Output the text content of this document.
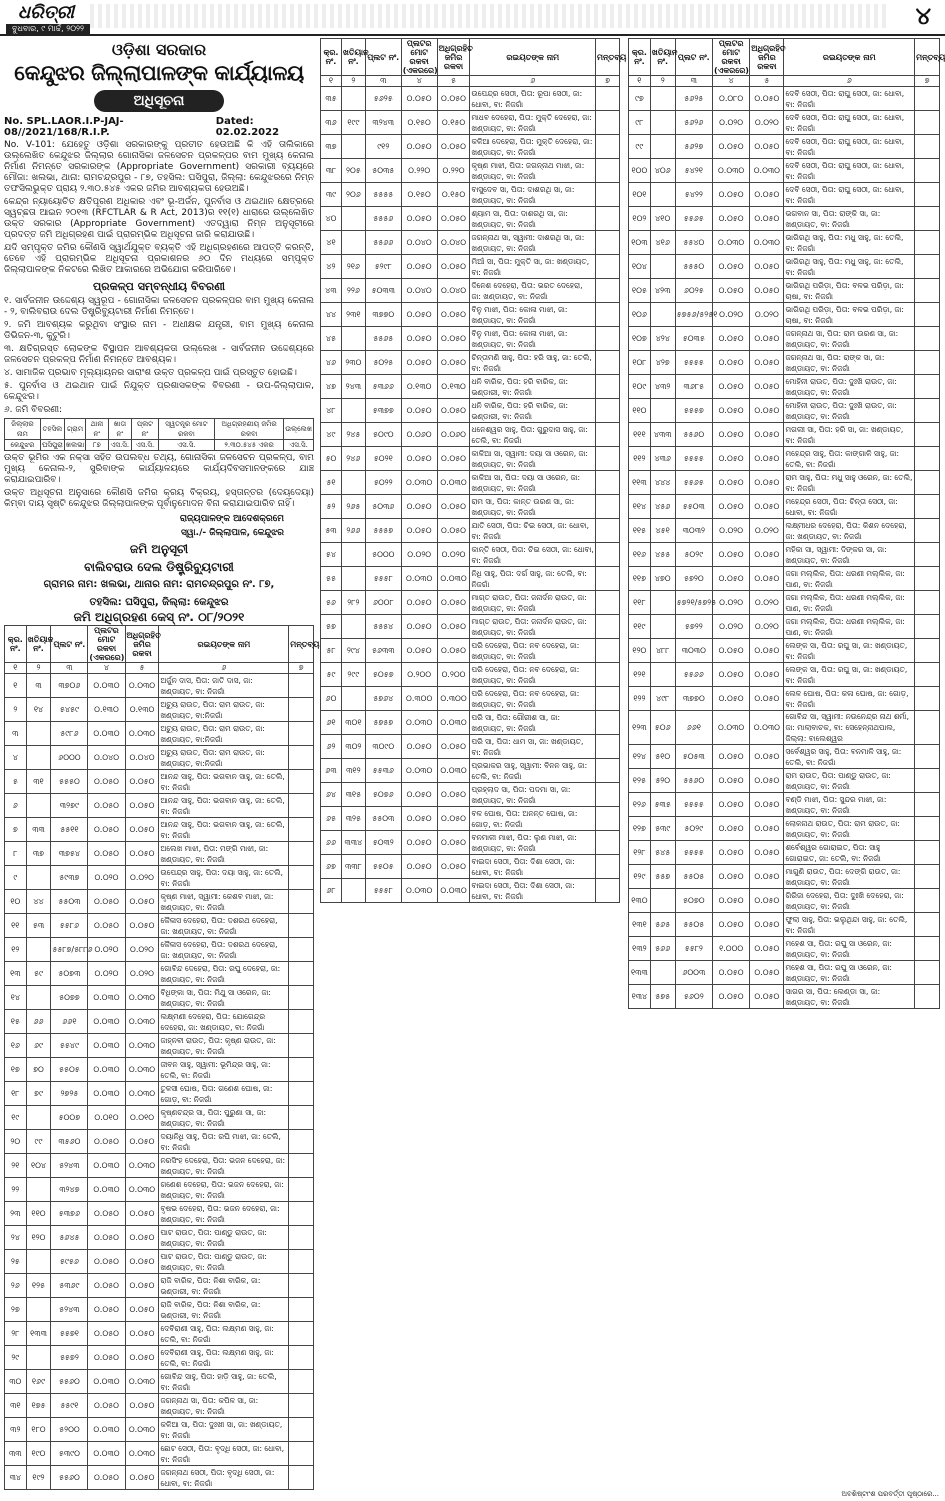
ଧରିତ୍ରୀ
ବୁଧବାର, ୯ ମାର୍ଚ୍ଚ, ୨୦୨୨	୪
ଓଡ଼ିଶା ସରକାର
କେନ୍ଦୁଝର ଜିଲ୍ଲାପାଳଙ୍କ କାର୍ଯ୍ୟାଳୟ
ଅଧିସୂଚନା
No. SPL.LAOR.I.P-JAJ-08//2021/168/R.I.P.
Dated: 02.02.2022

No. V-101: ଯେହେତୁ ଓଡ଼ିଶା ସରକାରଙ୍କୁ ପ୍ରତୀତ ହେଉଅଛି କି ଏହି ତାଲିକାରେ ଉଲ୍ଲେଖିତ କେନ୍ଦୁଝର ଜିଲ୍ଲାର ଗୋନାସିକା ଜଳସେଚନ ପ୍ରକଳ୍ପର ବାମ ମୁଖ୍ୟ କେନାଲ ନିର୍ମାଣ ନିମନ୍ତେ ସରକାରଙ୍କ (Appropriate Government) ସରକାରୀ ବ୍ୟୟରେ ମୌଜା: ଖଲଭା, ଥାନା: ରାମଚନ୍ଦ୍ରପୁର - ୮୭, ତହସିଲ: ଘସିପୁରା, ଜିଲ୍ଲା: କେନ୍ଦୁଝରରେ ନିମ୍ନ ତଫସିଲଭୁକ୍ତ ପ୍ରାୟ ୨.୩୦.୫୪୫ ଏକର ଜମିର ଆବଶ୍ୟକତା ହେଉଅଛି।

କେନ୍ଦ୍ର ନ୍ୟାୟୋଚିତ କ୍ଷତିପୂରଣ ଅଧିକାର ଏବଂ ଭୂ-ଅର୍ଜନ, ପୁନର୍ବାସ ଓ ଥଇଥାନ କ୍ଷେତ୍ରରେ ସ୍ୱଚ୍ଛତା ଆଇନ ୨୦୧୩ (RFCTLAR & R Act, 2013)ର ୧୧(୧) ଧାରାରେ ଉଲ୍ଲେଖିତ ଉକ୍ତ ସରକାର (Appropriate Government) ଏତଦ୍ୱାରା ନିମ୍ନ ଅନୁସୂଚୀରେ ପ୍ରଦତ୍ତ ଜମି ଅଧିଗ୍ରହଣ ପାଇଁ ପ୍ରାରମ୍ଭିକ ଅଧିସୂଚନା ଜାରି କରାଯାଉଛି।

ଯଦି ସମ୍ପୃକ୍ତ ଜମିର କୌଣସି ସ୍ୱାର୍ଥଯୁକ୍ତ ବ୍ୟକ୍ତି ଏହି ଅଧିଗ୍ରହଣରେ ଆପତ୍ତି କରନ୍ତି, ତେବେ ଏହି ପ୍ରାରମ୍ଭିକ ଅଧିସୂଚନା ପ୍ରକାଶନର ୬୦ ଦିନ ମଧ୍ୟରେ ସମ୍ପୃକ୍ତ ଜିଲ୍ଲାପାଳଙ୍କ ନିକଟରେ ଲିଖିତ ଆକାରରେ ଅଭିଯୋଗ କରିପାରିବେ।

ପ୍ରକଳ୍ପ ସମ୍ବନ୍ଧୀୟ ବିବରଣୀ

୧. ସାର୍ବଜନୀନ ଉଦ୍ଦେଶ୍ୟ ସ୍ୱରୂପ - ଗୋନାସିକା ଜଳସେଚନ ପ୍ରକଳ୍ପର ବାମ ମୁଖ୍ୟ କେନାଲ - ୨, ବାଲିବରାଉ ଦେଲ ଡିଷ୍ଟ୍ରିବ୍ୟୁଟାରୀ ନିର୍ମାଣ ନିମନ୍ତେ।

୨. ଜମି ଆବଶ୍ୟକ କରୁଥିବା ସଂସ୍ଥାର ନାମ - ଅଧୀକ୍ଷକ ଯନ୍ତ୍ରୀ, ବାମ ମୁଖ୍ୟ କେନାଲ ଡିଭିଜନ-୩, କୁଟୁରି।

୩. କ୍ଷତିଗ୍ରସ୍ତ ଲୋକଙ୍କ ବିସ୍ଥାପନ ଆବଶ୍ୟକତା ଉଲ୍ଲେଖ - ସାର୍ବଜନୀନ ଉଦ୍ଦେଶ୍ୟରେ ଜଳସେଚନ ପ୍ରକଳ୍ପ ନିର୍ମାଣ ନିମନ୍ତେ ଆବଶ୍ୟକ।

୪. ସାମାଜିକ ପ୍ରଭାବ ମୂଲ୍ୟାୟନର ସାରାଂଶ ଉକ୍ତ ପ୍ରକଳ୍ପ ପାଇଁ ପ୍ରସ୍ତୁତ ହୋଇଛି।

୫. ପୁନର୍ବାସ ଓ ଥଇଥାନ ପାଇଁ ନିଯୁକ୍ତ ପ୍ରଶାସକଙ୍କ ବିବରଣୀ - ଉପ-ଜିଲ୍ଲାପାଳ, କେନ୍ଦୁଝର।

୬. ଜମି ବିବରଣୀ:

ଜିଲ୍ଲାର ନାମ	ତହସିଲ	ଗ୍ରାମ	ଥାନା ନଂ	ଖାତା ନଂ	ପ୍ଲଟ ନଂ	ସ୍ୱତନ୍ତ୍ର ମୋଟ ରକବା	ଅଧିଗ୍ରହଣୀୟ ଜମିର ରକବା	ଉଲ୍ଲେଖ
କେନ୍ଦୁଝର	ଘସିପୁରା	ଖଲଭା	୮୭	ଏସ.ସି.	ଏସ.ସି.	ଏସ.ସି.	୨.୩୦.୫୪୫ ଏକର	ଏସ.ସି.

ଉକ୍ତ ଭୂମିର ଏକ ନକ୍ସା ସହିତ ଉପଲବ୍ଧ ତଥ୍ୟ, ଗୋନାସିକା ଜଳସେଚନ ପ୍ରକଳ୍ପ, ବାମ ମୁଖ୍ୟ କେନାଲ-୨, ସୁରିବାଙ୍କ କାର୍ଯ୍ୟାଳୟରେ କାର୍ଯ୍ୟଦିବସମାନଙ୍କରେ ଯାଞ୍ଚ କରାଯାଇପାରିବ।

ଉକ୍ତ ଅଧିସୂଚନା ଅନୁସାରେ କୌଣସି ଜମିର କ୍ରୟ ବିକ୍ରୟ, ହସ୍ତାନ୍ତର (ଦେୟଦେୟା) କିମ୍ବା ଦାୟ ସୃଷ୍ଟି କେନ୍ଦୁଝର ଜିଲ୍ଲାପାଳଙ୍କ ପୂର୍ବାନୁମୋଦନ ବିନା କରାଯାଇପାରିବ ନାହିଁ।

ରାଜ୍ୟପାଳଙ୍କ ଆଦେଶକ୍ରମେ
ସ୍ୱା./- ଜିଲ୍ଲାପାଳ, କେନ୍ଦୁଝର
ଜମି ଅନୁସୂଚୀ
ବାଲିବରାଉ ଦେଲ ଡିଷ୍ଟ୍ରିବ୍ୟୁଟାରୀ
ଗ୍ରାମର ନାମ: ଖଲଭା, ଥାନାର ନାମ: ରାମଚନ୍ଦ୍ରପୁର ନଂ. ୮୭,
ତହସିଲ: ଘସିପୁରା, ଜିଲ୍ଲା: କେନ୍ଦୁଝର
ଜମି ଅଧିଗ୍ରହଣ କେସ୍ ନଂ. ୦୮/୨୦୨୧
କ୍ର. ନଂ.	ଖତିୟାନ ନଂ.	ପ୍ଲଟ ନଂ.	ପ୍ଲଟର ମୋଟ ରକବା (ଏକରରେ)	ଅଧିଗ୍ରହିତ ଜମିର ରକବା	ରଇୟତଙ୍କ ନାମ	ମନ୍ତବ୍ୟ
୧	୨	୩	୪	୫	୬	୭
୧	୩	୩୭୦୬	୦.୦୩୦	୦.୦୩୦	ଅର୍ଜୁନ ଦାସ, ପିତା: ଜାତି ଦାସ, ଜା: ଖଣ୍ଡାୟତ, ବା: ନିଜଗାଁ	
୨	୧୪	୫୪୫୯	୦.୧୩୦	୦.୧୩୦	ଅଚ୍ୟୁ ରାଉତ, ପିତା: ରାମ ରାଉତ, ଜା: ଖଣ୍ଡାୟତ, ବା:ନିଜଗାଁ	
୩		୫୯୮୬	୦.୦୩୦	୦.୦୩୦	ଅଚ୍ୟୁ ରାଉତ, ପିତା: ରାମ ରାଉତ, ଜା: ଖଣ୍ଡାୟତ, ବା:ନିଜଗାଁ	
୪		୬୦୦୦	୦.୦୪୦	୦.୦୪୦	ଅଚ୍ୟୁ ରାଉତ, ପିତା: ରାମ ରାଉତ, ଜା: ଖଣ୍ଡାୟତ, ବା:ନିଜଗାଁ	
୫	୩୧	୫୫୫୦	୦.୦୫୦	୦.୦୫୦	ଆନନ୍ଦ ସାହୁ, ପିତା: ଭଗବାନ ସାହୁ, ଜା: ତେଲି, ବା: ନିଜଗାଁ	
୬		୩୨୭୯	୦.୦୫୦	୦.୦୫୦	ଆନନ୍ଦ ସାହୁ, ପିତା: ଭଗବାନ ସାହୁ, ଜା: ତେଲି, ବା: ନିଜଗାଁ	
୭	୩୩	୫୫୧୧	୦.୦୫୦	୦.୦୫୦	ଆନନ୍ଦ ସାହୁ, ପିତା: ଭଗବାନ ସାହୁ, ଜା: ତେଲି, ବା: ନିଜଗାଁ	
୮	୩୭	୩୭୫୪	୦.୦୫୦	୦.୦୫୦	ଅଲେଖ ମାଝୀ, ପିତା: ମଙ୍ଗି ମାଝୀ, ଜା: ଖଣ୍ଡାୟତ, ବା: ନିଜଗାଁ	
୯		୫୯୩୭	୦.୦୨୦	୦.୦୨୦	ଉପେନ୍ଦ୍ର ସାହୁ, ପିତା: ଦୟା ସାହୁ, ଜା: ତେଲି, ବା: ନିଜଗାଁ	
୧୦	୪୪	୫୫୦୩	୦.୦୫୦	୦.୦୫୦	କୃଷ୍ଣ ମାଝୀ, ସ୍ୱାମୀ: କେଶବ ମାଝୀ, ଜା: ଖଣ୍ଡାୟତ, ବା: ନିଜଗାଁ	
୧୧	୫୩	୫୫୮୬	୦.୦୫୦	୦.୦୫୦	କୈଳାସ ଦେହେରା, ପିତା: ଦଶରଥ ଦେହେରା, ଜା: ଖଣ୍ଡାୟତ, ବା: ନିଜଗାଁ	
୧୨		୫୫୮୭/୫୮୮୬	୦.୦୨୦	୦.୦୨୦	କୈଳାସ ଦେହେରା, ପିତା: ଦଶରଥ ଦେହେରା, ଜା: ଖଣ୍ଡାୟତ, ବା: ନିଜଗାଁ	
୧୩	୫୯	୫୦୭୩	୦.୦୨୦	୦.୦୨୦	ଗୋବିନ୍ଦ ଦେହେରା, ପିତା: ରଘୁ ଦେହେରା, ଜା: ଖଣ୍ଡାୟତ, ବା: ନିଜଗାଁ	
୧୪		୫୦୭୭	୦.୦୩୦	୦.୦୩୦	ବିଧିଙ୍କା ସା, ପିତା: ମିଥୁ ସା ଓରେନ, ଜା: ଖଣ୍ଡାୟତ, ବା: ନିଜଗାଁ	
୧୫	୬୬	୬୬୧	୦.୦୩୦	୦.୦୩୦	ଲକ୍ଷ୍ମଣୀ ଦେହେରା, ପିତା: ଯୋଗେନ୍ଦ୍ର ଦେହେରା, ଜା: ଖଣ୍ଡାୟତ, ବା: ନିଜଗାଁ	
୧୬	୬୯	୫୫୪୯	୦.୦୩୦	୦.୦୩୦	ଜାହ୍ନବୀ ରାଉତ, ପିତା: କୃଷ୍ଣ ରାଉତ, ଜା: ଖଣ୍ଡାୟତ, ବା: ନିଜଗାଁ	
୧୭	୭୦	୫୫୦୫	୦.୦୩୦	୦.୦୩୦	ଜୀବନ ସାହୁ, ସ୍ୱାମୀ: ଭୂମିନ୍ଦ୍ର ସାହୁ, ଜା: ତେଲି, ବା: ନିଜଗାଁ	
୧୮	୭୯	୨୭୨୫	୦.୦୩୦	୦.୦୩୦	ତୁଳସୀ ଘୋଷ, ପିତା: ଗଣେଶ ଘୋଷ, ଜା: ଗୋଡ଼, ବା: ନିଜଗାଁ	
୧୯		୫୦୦୭	୦.୦୧୦	୦.୦୧୦	କୃଷ୍ଣଚନ୍ଦ୍ର ସା, ପିତା: ପୁରୁଣା ସା, ଜା: ଖଣ୍ଡାୟତ, ବା: ନିଜଗାଁ	
୨୦	୯୯	୩୫୬୦	୦.୦୫୦	୦.୦୫୦	ଦୟାନିଧି ସାହୁ, ପିତା: ରଘି ମାଝୀ, ଜା: ତେଲି, ବା: ନିଜଗାଁ	
୨୧	୧୦୪	୫୨୪୩	୦.୦୩୦	୦.୦୩୦	ନରସିଂହ ଦେହେରା, ପିତା: ଭଜନ ଦେହେରା, ଜା: ଖଣ୍ଡାୟତ, ବା: ନିଜଗାଁ	
୨୨		୩୨୪୭	୦.୦୩୦	୦.୦୩୦	ଗଣେଶ ଦେହେରା, ପିତା: ଭଜନ ଦେହେରା, ଜା: ଖଣ୍ଡାୟତ, ବା: ନିଜଗାଁ	
୨୩	୧୧୦	୫୩୭୬	୦.୦୫୦	୦.୦୫୦	ବୃଷଭ ଦେହେରା, ପିତା: ଭଜନ ଦେହେରା, ଜା: ଖଣ୍ଡାୟତ, ବା: ନିଜଗାଁ	
୨୪	୧୨୦	୫୬୪୫	୦.୦୫୦	୦.୦୫୦	ପାଟ ରାଉତ, ପିତା: ପାଣ୍ଡୁ ରାଉତ, ଜା: ଖଣ୍ଡାୟତ, ବା: ନିଜଗାଁ	
୨୫		୫୯୫୬	୦.୦୫୦	୦.୦୫୦	ପାଟ ରାଉତ, ପିତା: ପାଣ୍ଡୁ ରାଉତ, ଜା: ଖଣ୍ଡାୟତ, ବା: ନିଜଗାଁ	
୨୬	୧୨୫	୫୩୬୯	୦.୦୫୦	୦.୦୫୦	ରାଜି ବାରିକ, ପିତା: ନିଶା ବାରିକ, ଜା: ଭଣ୍ଡାରୀ, ବା: ନିଜଗାଁ	
୨୭		୫୨୪୩	୦.୦୫୦	୦.୦୫୦	ରାଜି ବାରିକ, ପିତା: ନିଶା ବାରିକ, ଜା: ଭଣ୍ଡାରୀ, ବା: ନିଜଗାଁ	
୨୮	୧୩୩	୫୫୭୧	୦.୦୫୦	୦.୦୫୦	ଦେବିରାଣୀ ସାହୁ, ପିତା: ଲକ୍ଷ୍ମଣ ସାହୁ, ଜା: ତେଲି, ବା: ନିଜଗାଁ	
୨୯		୫୫୭୨	୦.୦୫୦	୦.୦୫୦	ଦେବିରାଣୀ ସାହୁ, ପିତା: ଲକ୍ଷ୍ମଣ ସାହୁ, ଜା: ତେଲି, ବା: ନିଜଗାଁ	
୩୦	୧୬୯	୫୫୬୦	୦.୦୩୦	୦.୦୩୦	ଗୋବିନ୍ଦ ସାହୁ, ପିତା: ହାଡ଼ି ସାହୁ, ଜା: ତେଲି, ବା: ନିଜଗାଁ	
୩୧	୧୭୫	୫୫୯୧	୦.୦୫୦	୦.୦୫୦	ଜଗନ୍ନାଥ ସା, ପିତା: କପିଳ ସା, ଜା: ଖଣ୍ଡାୟତ, ବା: ନିଜଗାଁ	
୩୨	୧୮୦	୫୨୦୦	୦.୦୩୦	୦.୦୩୦	କଳିଆ ସା, ପିତା: ଦୁଃଖୀ ସା, ଜା: ଖଣ୍ଡାୟତ, ବା: ନିଜଗାଁ	
୩୩	୧୯୦	୫୩୯୦	୦.୦୩୦	୦.୦୩୦	ଛୋଟ ସେଠୀ, ପିତା: ବୃଦ୍ଧି ସେଠୀ, ଜା: ଧୋବା, ବା: ନିଜଗାଁ	
୩୪	୧୯୨	୫୫୬୦	୦.୦୫୦	୦.୦୫୦	ଜଗନ୍ନାଥ ସେଠୀ, ପିତା: ବୃଦ୍ଧି ସେଠୀ, ଜା: ଧୋବା, ବା: ନିଜଗାଁ	
କ୍ର. ନଂ.	ଖତିୟାନ ନଂ.	ପ୍ଲଟ ନଂ.	ପ୍ଲଟର ମୋଟ ରକବା (ଏକରରେ)	ଅଧିଗ୍ରହିତ ଜମିର ରକବା	ରଇୟତଙ୍କ ନାମ	ମନ୍ତବ୍ୟ
୧	୨	୩	୪	୫	୬	୭
୩୫		୫୬୨୫	୦.୦୫୦	୦.୦୫୦	ଉପେନ୍ଦ୍ର ସେଠୀ, ପିତା: ରୂପା ସେଠୀ, ଜା: ଧୋବା, ବା: ନିଜଗାଁ	
୩୬	୧୯୯	୩୨୪୩	୦.୧୫୦	୦.୧୫୦	ମାଧବ ଦେହେରା, ପିତା: ମୁକ୍ତି ଦେହେରା, ଜା: ଖଣ୍ଡାୟତ, ବା: ନିଜଗାଁ	
୩୭		୯୧୨	୦.୦୫୦	୦.୦୫୦	କଳିଆ ଦେହେରା, ପିତା: ମୁକ୍ତି ଦେହେରା, ଜା: ଖଣ୍ଡାୟତ, ବା: ନିଜଗାଁ	
୩୮	୨୦୫	୫୦୩୫	୦.୨୨୦	୦.୨୨୦	କୃଷ୍ଣ ମାଝୀ, ପିତା: ଜଗନ୍ନାଥ ମାଝୀ, ଜା: ଖଣ୍ଡାୟତ, ବା: ନିଜଗାଁ	
୩୯	୨୦୬	୫୫୫୫	୦.୧୫୦	୦.୧୫୦	ବାସୁଦେବ ସା, ପିତା: ଦାଶରଥି ସା, ଜା: ଖଣ୍ଡାୟତ, ବା: ନିଜଗାଁ	
୪୦		୫୫୫୬	୦.୦୫୦	୦.୦୫୦	ଶ୍ୟାମ ସା, ପିତା: ଦାଶରଥି ସା, ଜା: ଖଣ୍ଡାୟତ, ବା: ନିଜଗାଁ	
୪୧		୫୫୬୬	୦.୦୪୦	୦.୦୪୦	ଜଗନ୍ନାଥ ସା, ସ୍ୱାମୀ: ଦାଶରଥି ସା, ଜା: ଖଣ୍ଡାୟତ, ବା: ନିଜଗାଁ	
୪୨	୨୧୬	୫୨୯୮	୦.୦୫୦	୦.୦୫୦	ମିଆଁ ସା, ପିତା: ମୁକ୍ତି ସା, ଜା: ଖଣ୍ଡାୟତ, ବା: ନିଜଗାଁ	
୪୩	୨୨୬	୫୦୩୩	୦.୦୪୦	୦.୦୪୦	ଦିନେଶ ଦେହେରା, ପିତା: ଭରତ ଦେହେରା, ଜା: ଖଣ୍ଡାୟତ, ବା: ନିଜଗାଁ	
୪୪	୨୩୧	୩୭୭୦	୦.୦୫୦	୦.୦୫୦	ବିନୁ ମାଝୀ, ପିତା: କୋଳା ମାଝୀ, ଜା: ଖଣ୍ଡାୟତ, ବା: ନିଜଗାଁ	
୪୫		୫୫୬୫	୦.୦୫୦	୦.୦୫୦	ବିନୁ ମାଝୀ, ପିତା: କୋଳା ମାଝୀ, ଜା: ଖଣ୍ଡାୟତ, ବା: ନିଜଗାଁ	
୪୬	୨୩୦	୫୦୨୫	୦.୦୫୦	୦.୦୫୦	ଚିନ୍ତାମଣି ସାହୁ, ପିତା: ହରି ସାହୁ, ଜା: ତେଲି, ବା: ନିଜଗାଁ	
୪୭	୨୪୩	୫୩୬୬	୦.୧୩୦	୦.୧୩୦	ଧନି ବାରିକ, ପିତା: ହରି ବାରିକ, ଜା: ଭଣ୍ଡାରୀ, ବା: ନିଜଗାଁ	
୪୮		୫୩୭୭	୦.୦୫୦	୦.୦୫୦	ଧନି ବାରିକ, ପିତା: ହରି ବାରିକ, ଜା: ଭଣ୍ଡାରୀ, ବା: ନିଜଗାଁ	
୪୯	୨୪୫	୫୦୯୦	୦.୦୬୦	୦.୦୬୦	ଧନେଶ୍ୱର ସାହୁ, ପିତା: ଗୁରୁଦାସ ସାହୁ, ଜା: ତେଲି, ବା: ନିଜଗାଁ	
୫୦	୨୪୬	୫୦୨୧	୦.୦୫୦	୦.୦୫୦	କାଳିଆ ସା, ସ୍ୱାମୀ: ଦୟା ସା ଓରେନ, ଜା: ଖଣ୍ଡାୟତ, ବା: ନିଜଗାଁ	
୫୧		୫୦୨୨	୦.୦୩୦	୦.୦୩୦	କାଳିଆ ସା, ପିତା: ଦୟା ସା ଓରେନ, ଜା: ଖଣ୍ଡାୟତ, ବା: ନିଜଗାଁ	
୫୨	୨୬୫	୫୦୩୬	୦.୦୫୦	୦.୦୫୦	ରାମ ସା, ପିତା: କାନ୍ତ ଉରଣ ସା, ଜା: ଖଣ୍ଡାୟତ, ବା: ନିଜଗାଁ	
୫୩	୨୬୬	୫୫୫୭	୦.୦୫୦	୦.୦୫୦	ଯାତି ସେଠୀ, ପିତା: ଚିଇ ସେଠୀ, ଜା: ଧୋବା, ବା: ନିଜଗାଁ	
୫୪		୫୦୦୦	୦.୦୨୦	୦.୦୨୦	କାନ୍ତି ସେଠୀ, ପିତା: ଚିଇ ସେଠୀ, ଜା: ଧୋବା, ବା: ନିଜଗାଁ	
୫୫		୫୫୫୮	୦.୦୩୦	୦.୦୩୦	ନିଧି ସାହୁ, ପିତା: ଦର୍ଗ ସାହୁ, ଜା: ତେଲି, ବା: ନିଜଗାଁ	
୫୬	୨୮୨	୬୦୦୮	୦.୦୫୦	୦.୦୫୦	ମାଗ୍ତ ରାଉତ, ପିତା: ଜନାର୍ଦନ ରାଉତ, ଜା: ଖଣ୍ଡାୟତ, ବା: ନିଜଗାଁ	
୫୭		୫୫୫୪	୦.୦୫୦	୦.୦୫୦	ମାଗ୍ତ ରାଉତ, ପିତା: ଜନାର୍ଦନ ରାଉତ, ଜା: ଖଣ୍ଡାୟତ, ବା: ନିଜଗାଁ	
୫୮	୨୯୪	୫୬୩୩	୦.୦୫୦	୦.୦୫୦	ପରି ଦେହେରା, ପିତା: ନବ ଦେହେରା, ଜା: ଖଣ୍ଡାୟତ, ବା: ନିଜଗାଁ	
୫୯	୨୯୯	୫୦୫୭	୦.୨୦୦	୦.୨୦୦	ପରି ଦେହେରା, ପିତା: ନବ ଦେହେରା, ଜା: ଖଣ୍ଡାୟତ, ବା: ନିଜଗାଁ	
୬୦		୫୭୬୪	୦.୩୦୦	୦.୩୦୦	ପରି ଦେହେରା, ପିତା: ନବ ଦେହେରା, ଜା: ଖଣ୍ଡାୟତ, ବା: ନିଜଗାଁ	
୬୧	୩୦୧	୫୭୫୭	୦.୦୩୦	୦.୦୩୦	ପରି ସା, ପିତା: ଗୌରୀଶ ସା, ଜା: ଖଣ୍ଡାୟତ, ବା: ନିଜଗାଁ	
୬୨	୩୦୨	୩୦୯୦	୦.୦୫୦	୦.୦୫୦	ପରି ସା, ପିତା: ଧାମ ସା, ଜା: ଖଣ୍ଡାୟତ, ବା: ନିଜଗାଁ	
୬୩	୩୧୨	୫୫୩୬	୦.୦୩୦	୦.୦୩୦	ପ୍ରଭାକର ସାହୁ, ସ୍ୱାମୀ: ବିନନ ସାହୁ, ଜା: ତେଲି, ବା: ନିଜଗାଁ	
୬୪	୩୧୫	୫୦୭୬	୦.୦୫୦	୦.୦୫୦	ପ୍ରହ୍ଲାଦ ସା, ପିତା: ପଦମା ସା, ଜା: ଖଣ୍ଡାୟତ, ବା: ନିଜଗାଁ	
୬୫	୩୨୫	୫୫୦୩	୦.୦୫୦	୦.୦୫୦	ବଳ ଘୋଷ, ପିତା: ଅନନ୍ତ ଘୋଷ, ଜା: ଗୋଡ଼, ବା: ନିଜଗାଁ	
୬୬	୩୩୪	୫୦୩୨	୦.୦୫୦	୦.୦୫୦	ବନମାଳୀ ମାଝୀ, ପିତା: ଲୁଣ ମାଝୀ, ଜା: ଖଣ୍ଡାୟତ, ବା: ନିଜଗାଁ	
୬୭	୩୩୮	୫୫୦୫	୦.୦୫୦	୦.୦୫୦	ବାଇଦା ସେଠୀ, ପିତା: ଦିଶା ସେଠୀ, ଜା: ଧୋବା, ବା: ନିଜଗାଁ	
୬୮		୫୫୫୮	୦.୦୩୦	୦.୦୩୦	ବାଇଦା ସେଠୀ, ପିତା: ଦିଶା ସେଠୀ, ଜା: ଧୋବା, ବା: ନିଜଗାଁ	
କ୍ର. ନଂ.	ଖତିୟାନ ନଂ.	ପ୍ଲଟ ନଂ.	ପ୍ଲଟର ମୋଟ ରକବା (ଏକରରେ)	ଅଧିଗ୍ରହିତ ଜମିର ରକବା	ରଇୟତଙ୍କ ନାମ	ମନ୍ତବ୍ୟ
୧	୨	୩	୪	୫	୬	୭
୯୭		୫୬୨୫	୦.୦୮୦	୦.୦୫୦	ଦେବି ସେଠୀ, ପିତା: ରାଘୁ ସେଠୀ, ଜା: ଧୋବା, ବା: ନିଜଗାଁ	
୯୮		୫୬୨୬	୦.୦୨୦	୦.୦୨୦	ଦେବି ସେଠୀ, ପିତା: ରାଘୁ ସେଠୀ, ଜା: ଧୋବା, ବା: ନିଜଗାଁ	
୯୯		୫୬୨୭	୦.୦୫୦	୦.୦୫୦	ଦେବି ସେଠୀ, ପିତା: ରାଘୁ ସେଠୀ, ଜା: ଧୋବା, ବା: ନିଜଗାଁ	
୧୦୦	୪୦୬	୫୪୨୧	୦.୦୩୦	୦.୦୩୦	ଦେବି ସେଠୀ, ପିତା: ରାଘୁ ସେଠୀ, ଜା: ଧୋବା, ବା: ନିଜଗାଁ	
୧୦୧		୫୪୨୨	୦.୦୫୦	୦.୦୫୦	ଦେବି ସେଠୀ, ପିତା: ରାଘୁ ସେଠୀ, ଜା: ଧୋବା, ବା: ନିଜଗାଁ	
୧୦୨	୪୧୦	୫୫୬୫	୦.୦୫୦	୦.୦୫୦	ଭଗବାନ ସା, ପିତା: ରାଙ୍କି ସା, ଜା: ଖଣ୍ଡାୟତ, ବା: ନିଜଗାଁ	
୧୦୩	୪୧୬	୫୫୪୦	୦.୦୩୦	୦.୦୩୦	ଭାଗିରଥି ସାହୁ, ପିତା: ମଧୁ ସାହୁ, ଜା: ତେଲି, ବା: ନିଜଗାଁ	
୧୦୪		୫୫୫୦	୦.୦୫୦	୦.୦୫୦	ଭାଗିରଥି ସାହୁ, ପିତା: ମଧୁ ସାହୁ, ଜା: ତେଲି, ବା: ନିଜଗାଁ	
୧୦୫	୪୨୩	୬୦୨୫	୦.୦୫୦	୦.୦୫୦	ଭାଗିରଥି ପରିଡ଼ା, ପିତା: ବଳଭ ପରିଡ଼ା, ଜା: ଚାଷା, ବା: ନିଜଗାଁ	
୧୦୬		୫୭୫୬/୫୨୫୧	୦.୦୨୦	୦.୦୨୦	ଭାଗିରଥି ପରିଡ଼ା, ପିତା: ବଳଭ ପରିଡ଼ା, ଜା: ଚାଷା, ବା: ନିଜଗାଁ	
୧୦୭	୪୨୪	୫୦୩୫	୦.୦୫୦	୦.୦୫୦	ଜଗନ୍ନାଥ ସା, ପିତା: ରାମ ଉରଣ ସା, ଜା: ଖଣ୍ଡାୟତ, ବା: ନିଜଗାଁ	
୧୦୮	୪୨୭	୫୫୫୫	୦.୦୫୦	୦.୦୫୦	ଜଗନ୍ନାଥ ସା, ପିତା: ରାଙ୍କ ସା, ଜା: ଖଣ୍ଡାୟତ, ବା: ନିଜଗାଁ	
୧୦୯	୪୩୨	୩୬୮୫	୦.୦୫୦	୦.୦୫୦	ମୋହିନୀ ରାଉତ, ପିତା: ଦୁଃଖି ରାଉତ, ଜା: ଖଣ୍ଡାୟତ, ବା: ନିଜଗାଁ	
୧୧୦		୫୫୫୭	୦.୦୫୦	୦.୦୫୦	ମୋହିନୀ ରାଉତ, ପିତା: ଦୁଃଖି ରାଉତ, ଜା: ଖଣ୍ଡାୟତ, ବା: ନିଜଗାଁ	
୧୧୧	୪୩୩	୫୫୬୦	୦.୦୫୦	୦.୦୫୦	ମଗଲୀ ସା, ପିତା: ହରି ସା, ଜା: ଖଣ୍ଡାୟତ, ବା: ନିଜଗାଁ	
୧୧୨	୪୩୬	୫୫୫୫	୦.୦୫୦	୦.୦୫୦	ମହେନ୍ଦ୍ର ସାହୁ, ପିତା: କାଙ୍ଗାଳି ସାହୁ, ଜା: ତେଲି, ବା: ନିଜଗାଁ	
୧୧୩	୪୪୪	୫୫୬୫	୦.୦୫୦	୦.୦୫୦	ରାମ ସାହୁ, ପିତା: ମଧୁ ସାହୁ ଓରେନ, ଜା: ତେଲି, ବା: ନିଜଗାଁ	
୧୧୪	୪୫୬	୫୫୦୩	୦.୦୫୦	୦.୦୫୦	ମହେନ୍ଦ୍ର ସେଠୀ, ପିତା: ଚିନ୍ତା ସେଠୀ, ଜା: ଧୋବା, ବା: ନିଜଗାଁ	
୧୧୫	୪୫୧	୩୦୩୨	୦.୦୨୦	୦.୦୨୦	ଲକ୍ଷ୍ମୀଧର ଦେହେରା, ପିତା: କିଶନ ଦେହେରା, ଜା: ଖଣ୍ଡାୟତ, ବା: ନିଜଗାଁ	
୧୧୬	୪୫୫	୫୦୨୯	୦.୦୫୦	୦.୦୫୦	ମହିକା ସା, ସ୍ୱାମୀ: ଦିଙ୍କର ସା, ଜା: ଖଣ୍ଡାୟତ, ବା: ନିଜଗାଁ	
୧୧୭	୪୭୦	୫୭୨୦	୦.୦୫୦	୦.୦୫୦	ଜଗା ମଲ୍ଲିକ, ପିତା: ଧରଣୀ ମଲ୍ଲିକ, ଜା: ପାଣ, ବା: ନିଜଗାଁ	
୧୧୮		୫୭୨୧/୫୭୨୫	୦.୦୨୦	୦.୦୨୦	ଜଗା ମଲ୍ଲିକ, ପିତା: ଧରଣୀ ମଲ୍ଲିକ, ଜା: ପାଣ, ବା: ନିଜଗାଁ	
୧୧୯		୫୭୨୨	୦.୦୨୦	୦.୦୨୦	ଜଗା ମଲ୍ଲିକ, ପିତା: ଧରଣୀ ମଲ୍ଲିକ, ଜା: ପାଣ, ବା: ନିଜଗାଁ	
୧୨୦	୪୮୮	୩୦୩୦	୦.୦୫୦	୦.୦୫୦	ଲେଙ୍କ ସା, ପିତା: ରଘୁ ସା, ଜା: ଖଣ୍ଡାୟତ, ବା: ନିଜଗାଁ	
୧୨୧		୫୫୬୬	୦.୦୫୦	୦.୦୫୦	ଲେଙ୍କ ସା, ପିତା: ରଘୁ ସା, ଜା: ଖଣ୍ଡାୟତ, ବା: ନିଜଗାଁ	
୧୨୨	୪୯୮	୩୭୭୦	୦.୦୫୦	୦.୦୫୦	ଲେଳ ଘୋଷ, ପିତା: କଳା ଘୋଷ, ଜା: ଗୋଡ଼, ବା: ନିଜଗାଁ	
୧୨୩	୫୦୬	୬୬୧	୦.୦୩୦	୦.୦୩୦	ଗୋବିନ୍ଦ ସା, ସ୍ୱାମୀ: ନଉନେନ୍ଦ୍ର ନାଥ ଶର୍ମା, ଜା: ମାଲାବାଚକ, ବା: ସେହେନ୍ନାଥପାଲ, ଜିଲ୍ଲା: ବାଲେଶ୍ୱର	
୧୨୪	୫୧୦	୫୦୫୩	୦.୦୫୦	୦.୦୫୦	ସର୍ବେଶ୍ୱର ସାହୁ, ପିତା: ବନମାଳି ସାହୁ, ଜା: ତେଲି, ବା: ନିଜଗାଁ	
୧୨୫	୫୨୦	୫୫୬୦	୦.୦୫୦	୦.୦୫୦	ରାମ ରାଉତ, ପିତା: ପାଣ୍ଡୁ ରାଉତ, ଜା: ଖଣ୍ଡାୟତ, ବା: ନିଜଗାଁ	
୧୨୬	୫୩୫	୫୫୫୫	୦.୦୫୦	୦.୦୫୦	ବଣ୍ଡି ମାଝୀ, ପିତା: ସୁନ୍ଦର ମାଝୀ, ଜା: ଖଣ୍ଡାୟତ, ବା: ନିଜଗାଁ	
୧୨୭	୫୩୯	୫୦୨୯	୦.୦୫୦	୦.୦୫୦	ଲୋକନାଥ ରାଉତ, ପିତା: ରାମ ରାଉତ, ଜା: ଖଣ୍ଡାୟତ, ବା: ନିଜଗାଁ	
୧୨୮	୫୪୫	୫୫୫୫	୦.୦୫୦	୦.୦୫୦	ଶର୍ବେଶ୍ୱର ଗୋରାଇତ, ପିତା: ସାହୁ ଗୋରାଇତ, ଜା: ତେଲି, ବା: ନିଜଗାଁ	
୧୨୯	୫୫୭	୫୫୦୫	୦.୦୫୦	୦.୦୫୦	ମାଗୁଣି ରାଉତ, ପିତା: ଦେଙ୍ଗି ରାଉତ, ଜା: ଖଣ୍ଡାୟତ, ବା: ନିଜଗାଁ	
୧୩୦		୫୦୭୦	୦.୦୫୦	୦.୦୫୦	ଗିରିଜା ଦେହେରା, ପିତା: ଦୁଃଖି ଦେହେରା, ଜା: ଖଣ୍ଡାୟତ, ବା: ନିଜଗାଁ	
୧୩୧	୫୬୫	୫୫୦୫	୦.୦୫୦	୦.୦୫୦	ଫୁଲା ସାହୁ, ପିତା: ଭଲୁଥିନ୍ଦା ସାହୁ, ଜା: ତେଲି, ବା: ନିଜଗାଁ	
୧୩୨	୫୬୬	୫୫୮୨	୧.୦୦୦	୦.୦୫୦	ମହେଶ ସା, ପିତା: ରଘୁ ସା ଓରେନ, ଜା: ଖଣ୍ଡାୟତ, ବା: ନିଜଗାଁ	
୧୩୩		୬୦୦୩	୦.୦୫୦	୦.୦୫୦	ମହେଶ ସା, ପିତା: ରଘୁ ସା ଓରେନ, ଜା: ଖଣ୍ଡାୟତ, ବା: ନିଜଗାଁ	
୧୩୪	୫୭୫	୫୬୦୨	୦.୦୫୦	୦.୦୫୦	ସାଗର ସା, ପିତା: ଲେଣ୍ଡା ସା, ଜା: ଖଣ୍ଡାୟତ, ବା: ନିଜଗାଁ	
ଅବଶିଷ୍ଟାଂଶ ପରବର୍ତ୍ତୀ ପୃଷ୍ଠାରେ...
